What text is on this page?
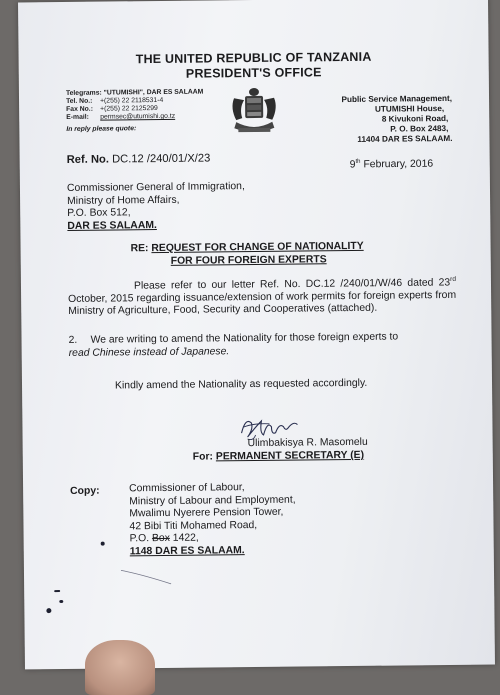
THE UNITED REPUBLIC OF TANZANIA
PRESIDENT'S OFFICE
Telegrams: "UTUMISHI", DAR ES SALAAM
Tel. No.: +(255) 22 2118531-4
Fax No.: +(255) 22 2125299
E-mail: permsec@utumishi.go.tz
In reply please quote:
Public Service Management,
UTUMISHI House,
8 Kivukoni Road,
P. O. Box 2483,
11404 DAR ES SALAAM.
Ref. No. DC.12 /240/01/X/23	9th February, 2016
Commissioner General of Immigration,
Ministry of Home Affairs,
P.O. Box 512,
DAR ES SALAAM.
RE: REQUEST FOR CHANGE OF NATIONALITY
FOR FOUR FOREIGN EXPERTS
Please refer to our letter Ref. No. DC.12 /240/01/W/46 dated 23rd October, 2015 regarding issuance/extension of work permits for foreign experts from Ministry of Agriculture, Food, Security and Cooperatives (attached).
2. We are writing to amend the Nationality for those foreign experts to
read Chinese instead of Japanese.
Kindly amend the Nationality as requested accordingly.
Ulimbakisya R. Masomelu
For: PERMANENT SECRETARY (E)
Copy:	Commissioner of Labour,
Ministry of Labour and Employment,
Mwalimu Nyerere Pension Tower,
42 Bibi Titi Mohamed Road,
P.O. Box 1422,
1148 DAR ES SALAAM.
